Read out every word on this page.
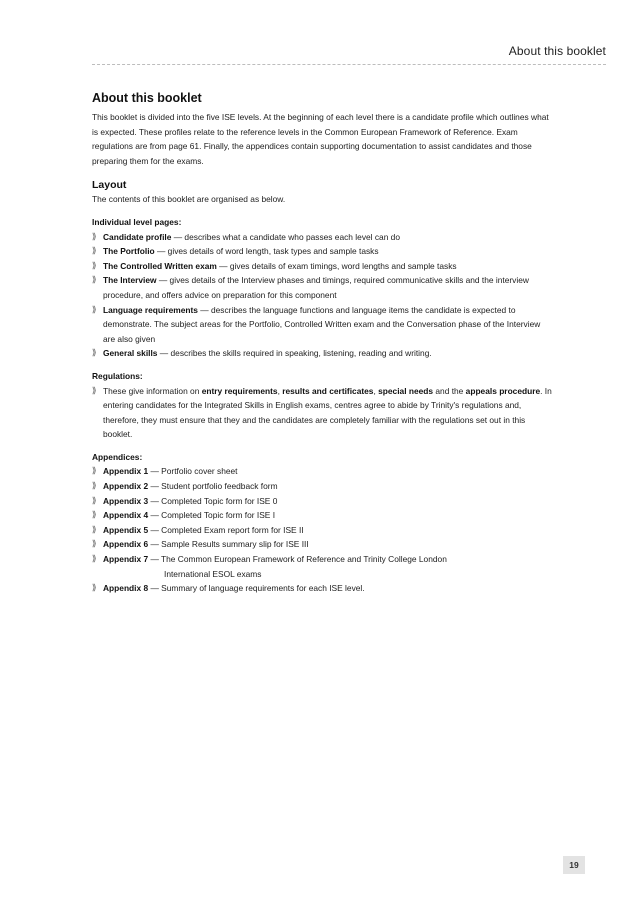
About this booklet
About this booklet

This booklet is divided into the five ISE levels. At the beginning of each level there is a candidate profile which outlines what is expected. These profiles relate to the reference levels in the Common European Framework of Reference. Exam regulations are from page 61. Finally, the appendices contain supporting documentation to assist candidates and those preparing them for the exams.

Layout

The contents of this booklet are organised as below.

Individual level pages:
⟫ Candidate profile — describes what a candidate who passes each level can do
⟫ The Portfolio — gives details of word length, task types and sample tasks
⟫ The Controlled Written exam — gives details of exam timings, word lengths and sample tasks
⟫ The Interview — gives details of the Interview phases and timings, required communicative skills and the interview procedure, and offers advice on preparation for this component
⟫ Language requirements — describes the language functions and language items the candidate is expected to demonstrate. The subject areas for the Portfolio, Controlled Written exam and the Conversation phase of the Interview are also given
⟫ General skills — describes the skills required in speaking, listening, reading and writing.
Regulations:
⟫ These give information on entry requirements, results and certificates, special needs and the appeals procedure. In entering candidates for the Integrated Skills in English exams, centres agree to abide by Trinity's regulations and, therefore, they must ensure that they and the candidates are completely familiar with the regulations set out in this booklet.
Appendices:
⟫ Appendix 1 — Portfolio cover sheet
⟫ Appendix 2 — Student portfolio feedback form
⟫ Appendix 3 — Completed Topic form for ISE 0
⟫ Appendix 4 — Completed Topic form for ISE I
⟫ Appendix 5 — Completed Exam report form for ISE II
⟫ Appendix 6 — Sample Results summary slip for ISE III
⟫ Appendix 7 — The Common European Framework of Reference and Trinity College London
International ESOL exams
⟫ Appendix 8 — Summary of language requirements for each ISE level.
19
